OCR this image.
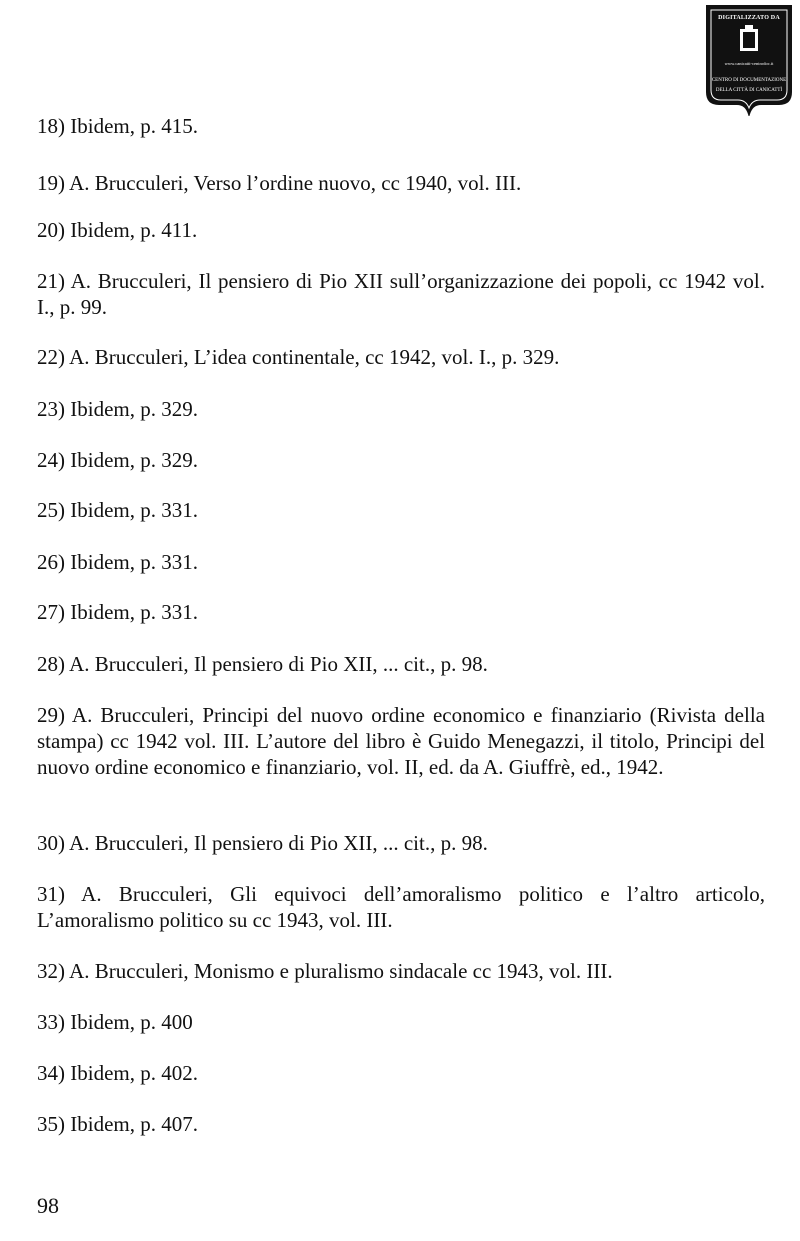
DIGITALIZZATO DA
www.canicatti-centrodoc.it
CENTRO DI DOCUMENTAZIONE
DELLA CITTÀ DI CANICATTÌ

18) Ibidem, p. 415.

19) A. Brucculeri, Verso l’ordine nuovo, cc 1940, vol. III.

20) Ibidem, p. 411.

21) A. Brucculeri, Il pensiero di Pio XII sull’organizzazione dei popoli, cc 1942 vol. I., p. 99.

22) A. Brucculeri, L’idea continentale, cc 1942, vol. I., p. 329.

23) Ibidem, p. 329.

24) Ibidem, p. 329.

25) Ibidem, p. 331.

26) Ibidem, p. 331.

27) Ibidem, p. 331.

28) A. Brucculeri, Il pensiero di Pio XII, ... cit., p. 98.

29) A. Brucculeri, Principi del nuovo ordine economico e finanziario (Rivista della stampa) cc 1942 vol. III. L’autore del libro è Guido Menegazzi, il titolo, Principi del nuovo ordine economico e finanziario, vol. II, ed. da A. Giuffrè, ed., 1942.

30) A. Brucculeri, Il pensiero di Pio XII, ... cit., p. 98.

31) A. Brucculeri, Gli equivoci dell’amoralismo politico e l’altro articolo, L’amoralismo politico su cc 1943, vol. III.

32) A. Brucculeri, Monismo e pluralismo sindacale cc 1943, vol. III.

33) Ibidem, p. 400

34) Ibidem, p. 402.

35) Ibidem, p. 407.

98
